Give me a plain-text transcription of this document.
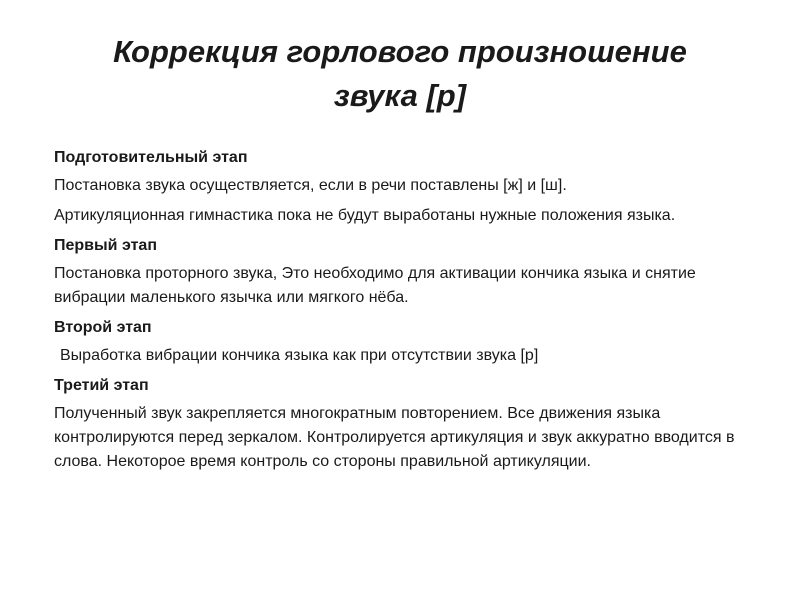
Коррекция горлового произношение
звука [р]
Подготовительный этап
Постановка звука осуществляется, если в речи поставлены [ж] и [ш].
Артикуляционная гимнастика пока не будут выработаны нужные положения языка.
Первый этап
Постановка проторного звука, Это необходимо для активации кончика языка и снятие вибрации маленького язычка или мягкого нёба.
Второй этап
Выработка вибрации кончика языка как при отсутствии звука [р]
Третий этап
Полученный звук закрепляется многократным повторением. Все движения языка контролируются перед зеркалом. Контролируется артикуляция и звук аккуратно вводится в слова. Некоторое время контроль со стороны правильной артикуляции.
